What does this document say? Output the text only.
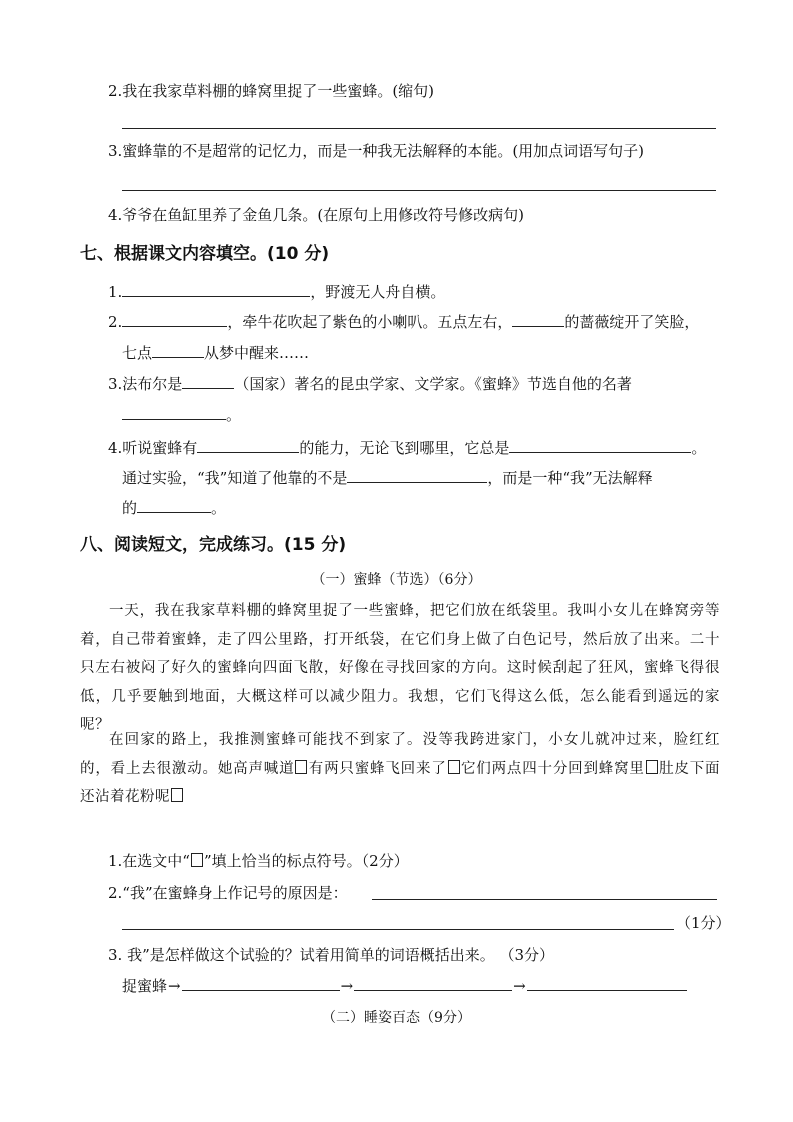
2.我在我家草料棚的蜂窝里捉了一些蜜蜂。(缩句)
3.蜜蜂靠的不是超常的记忆力，而是一种我无法解释的本能。(用加点词语写句子)
4.爷爷在鱼缸里养了金鱼几条。(在原句上用修改符号修改病句)
七、根据课文内容填空。(10 分)
1.	，野渡无人舟自横。
2.	，牵牛花吹起了紫色的小喇叭。五点左右，	的蔷薇绽开了笑脸，
七点	从梦中醒来……
3.法布尔是	（国家）著名的昆虫学家、文学家。《蜜蜂》节选自他的名著
。
4.听说蜜蜂有	的能力，无论飞到哪里，它总是	。
通过实验，“我”知道了他靠的不是	，而是一种“我”无法解释
的	。
八、阅读短文，完成练习。(15 分)
（一）蜜蜂（节选）（6分）
一天，我在我家草料棚的蜂窝里捉了一些蜜蜂，把它们放在纸袋里。我叫小女儿在蜂窝旁等着，自己带着蜜蜂，走了四公里路，打开纸袋，在它们身上做了白色记号，然后放了出来。二十只左右被闷了好久的蜜蜂向四面飞散，好像在寻找回家的方向。这时候刮起了狂风，蜜蜂飞得很低，几乎要触到地面，大概这样可以减少阻力。我想，它们飞得这么低，怎么能看到遥远的家呢？
在回家的路上，我推测蜜蜂可能找不到家了。没等我跨进家门，小女儿就冲过来，脸红红的，看上去很激动。她高声喊道 有两只蜜蜂飞回来了 它们两点四十分回到蜂窝里 肚皮下面还沾着花粉呢
1.在选文中“ ”填上恰当的标点符号。（2分）
2.“我”在蜜蜂身上作记号的原因是：
（1分）
3. 我”是怎样做这个试验的？试着用简单的词语概括出来。 （3分）
捉蜜蜂→	→	→
（二）睡姿百态（9分）
